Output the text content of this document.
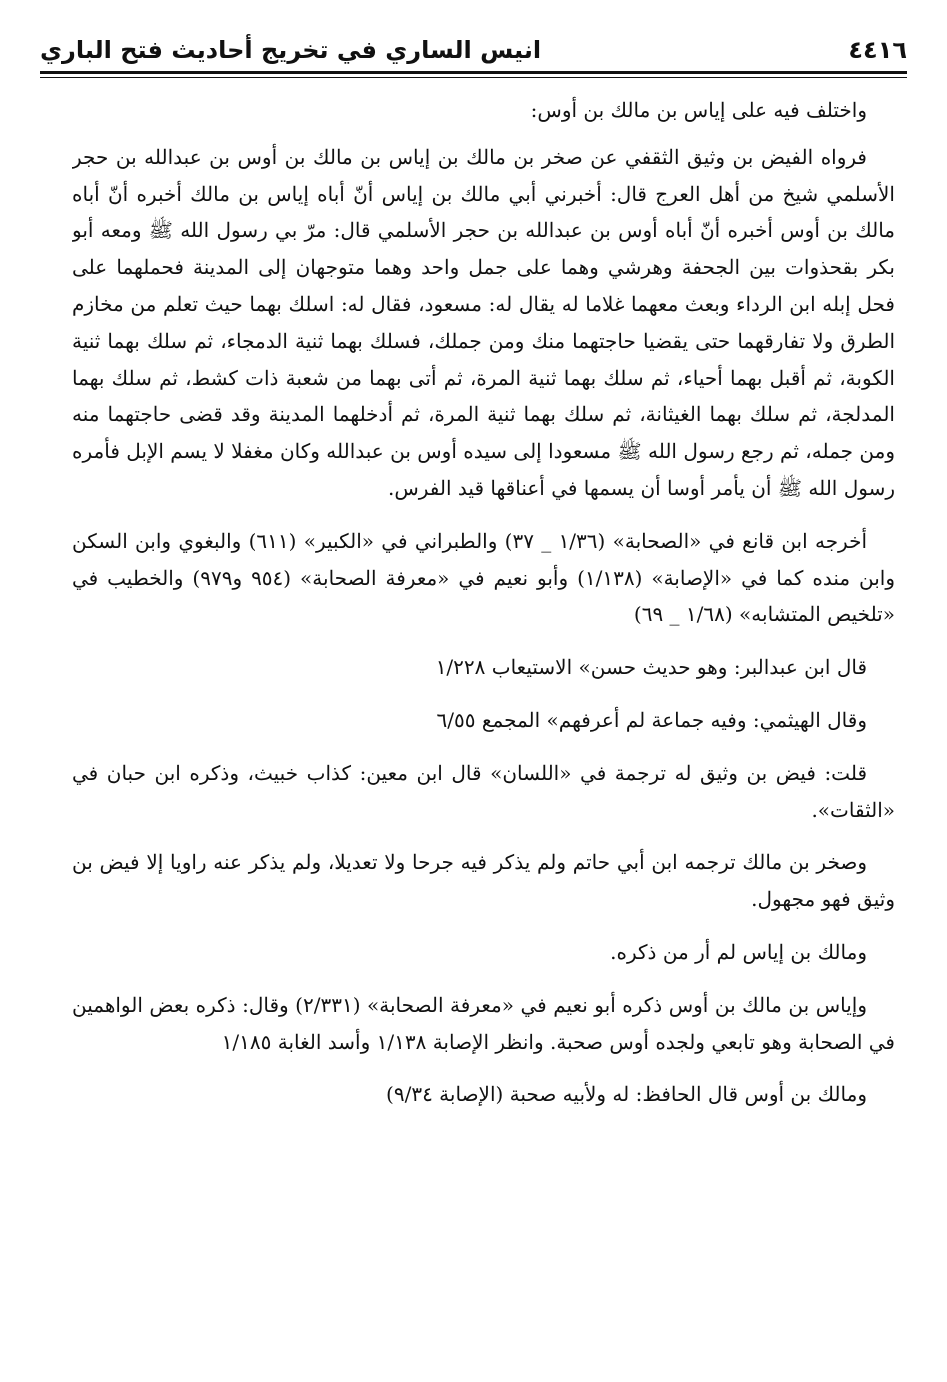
٤٤١٦
انيس الساري في تخريج أحاديث فتح الباري

واختلف فيه على إياس بن مالك بن أوس:

فرواه الفيض بن وثيق الثقفي عن صخر بن مالك بن إياس بن مالك بن أوس بن عبدالله بن حجر الأسلمي شيخ من أهل العرج قال: أخبرني أبي مالك بن إياس أنّ أباه إياس بن مالك أخبره أنّ أباه مالك بن أوس أخبره أنّ أباه أوس بن عبدالله بن حجر الأسلمي قال: مرّ بي رسول الله ﷺ ومعه أبو بكر بقحذوات بين الجحفة وهرشي وهما على جمل واحد وهما متوجهان إلى المدينة فحملهما على فحل إبله ابن الرداء وبعث معهما غلاما له يقال له: مسعود، فقال له: اسلك بهما حيث تعلم من مخازم الطرق ولا تفارقهما حتى يقضيا حاجتهما منك ومن جملك، فسلك بهما ثنية الدمجاء، ثم سلك بهما ثنية الكوبة، ثم أقبل بهما أحياء، ثم سلك بهما ثنية المرة، ثم أتى بهما من شعبة ذات كشط، ثم سلك بهما المدلجة، ثم سلك بهما الغيثانة، ثم سلك بهما ثنية المرة، ثم أدخلهما المدينة وقد قضى حاجتهما منه ومن جمله، ثم رجع رسول الله ﷺ مسعودا إلى سيده أوس بن عبدالله وكان مغفلا لا يسم الإبل فأمره رسول الله ﷺ أن يأمر أوسا أن يسمها في أعناقها قيد الفرس.

أخرجه ابن قانع في «الصحابة» (١/٣٦ _ ٣٧) والطبراني في «الكبير» (٦١١) والبغوي وابن السكن وابن منده كما في «الإصابة» (١/١٣٨) وأبو نعيم في «معرفة الصحابة» (٩٥٤ و٩٧٩) والخطيب في «تلخيص المتشابه» (١/٦٨ _ ٦٩)

قال ابن عبدالبر: وهو حديث حسن» الاستيعاب ١/٢٢٨

وقال الهيثمي: وفيه جماعة لم أعرفهم» المجمع ٦/٥٥

قلت: فيض بن وثيق له ترجمة في «اللسان» قال ابن معين: كذاب خبيث، وذكره ابن حبان في «الثقات».

وصخر بن مالك ترجمه ابن أبي حاتم ولم يذكر فيه جرحا ولا تعديلا، ولم يذكر عنه راويا إلا فيض بن وثيق فهو مجهول.

ومالك بن إياس لم أر من ذكره.

وإياس بن مالك بن أوس ذكره أبو نعيم في «معرفة الصحابة» (٢/٣٣١) وقال: ذكره بعض الواهمين في الصحابة وهو تابعي ولجده أوس صحبة. وانظر الإصابة ١/١٣٨ وأسد الغابة ١/١٨٥

ومالك بن أوس قال الحافظ: له ولأبيه صحبة (الإصابة ٩/٣٤)
